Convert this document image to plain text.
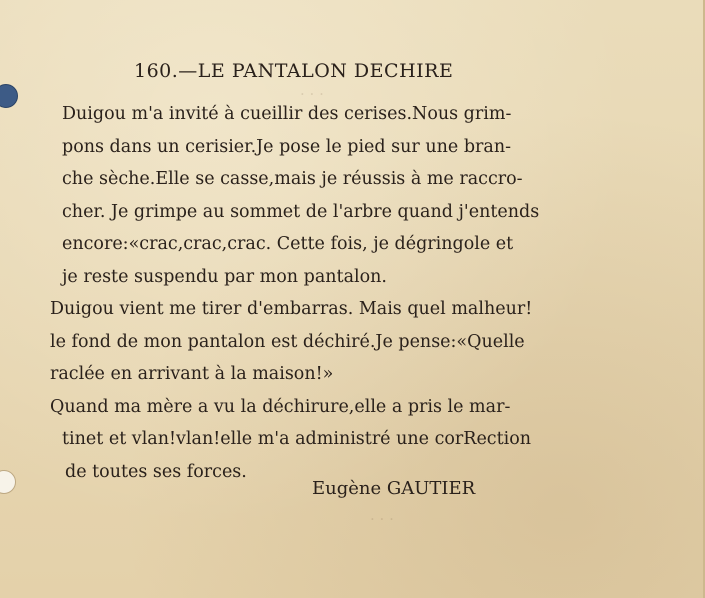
· · ·
· · ·
160.—LE PANTALON DECHIRE
Duigou m'a invité à cueillir des cerises.Nous grim-
pons dans un cerisier.Je pose le pied sur une bran-
che sèche.Elle se casse,mais je réussis à me raccro-
cher. Je grimpe au sommet de l'arbre quand j'entends
encore:«crac,crac,crac. Cette fois, je dégringole et
je reste suspendu par mon pantalon.
Duigou vient me tirer d'embarras. Mais quel malheur!
le fond de mon pantalon est déchiré.Je pense:«Quelle
raclée en arrivant à la maison!»
Quand ma mère a vu la déchirure,elle a pris le mar-
tinet et vlan!vlan!elle m'a administré une corRection
de toutes ses forces.
Eugène GAUTIER
